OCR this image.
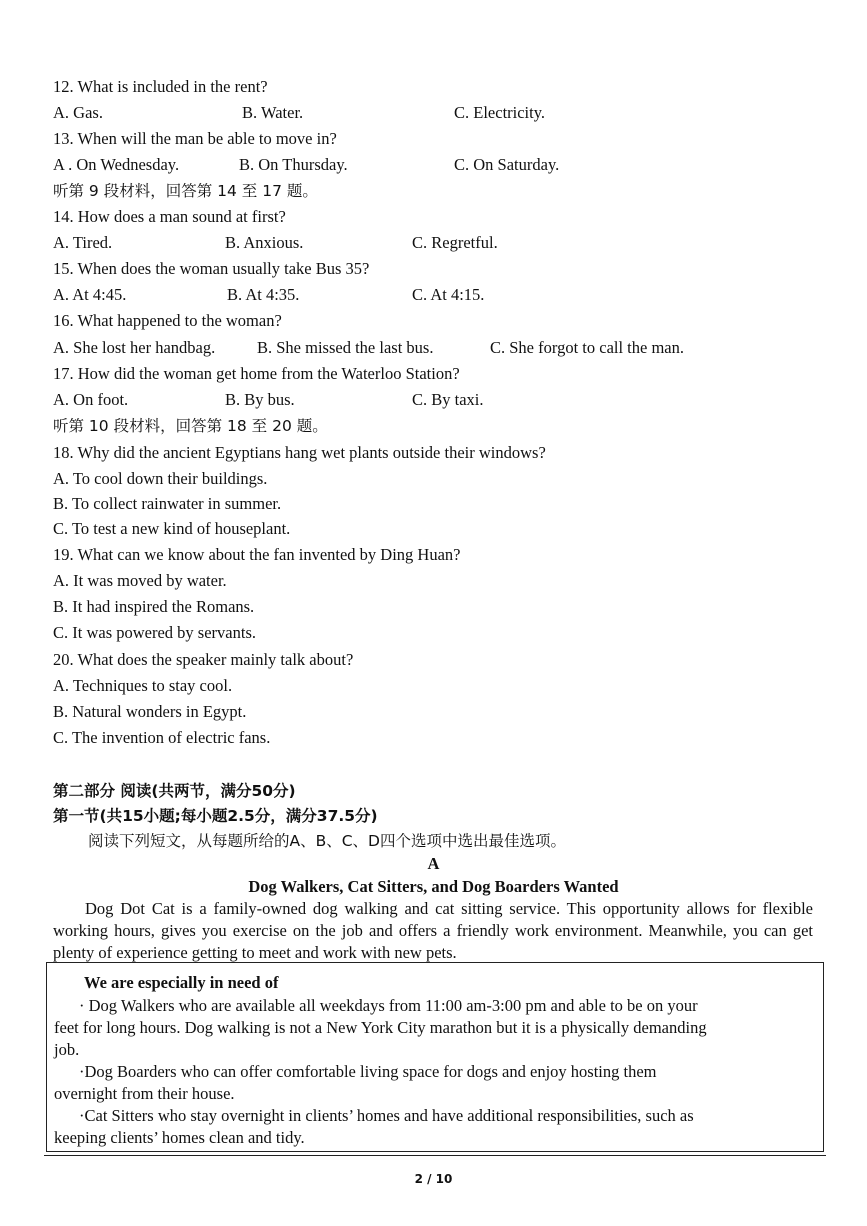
12. What is included in the rent?
A. Gas.	B. Water.	C. Electricity.
13. When will the man be able to move in?
A . On Wednesday.	B. On Thursday.	C. On Saturday.
听第 9 段材料，回答第 14 至 17 题。
14. How does a man sound at first?
A. Tired.	B. Anxious.	C. Regretful.
15. When does the woman usually take Bus 35?
A. At 4:45.	B. At 4:35.	C. At 4:15.
16. What happened to the woman?
A. She lost her handbag.	B. She missed the last bus.	C. She forgot to call the man.
17. How did the woman get home from the Waterloo Station?
A. On foot.	B. By bus.	C. By taxi.
听第 10 段材料，回答第 18 至 20 题。
18. Why did the ancient Egyptians hang wet plants outside their windows?
A. To cool down their buildings.
B. To collect rainwater in summer.
C. To test a new kind of houseplant.
19. What can we know about the fan invented by Ding Huan?
A. It was moved by water.
B. It had inspired the Romans.
C. It was powered by servants.
20. What does the speaker mainly talk about?
A. Techniques to stay cool.
B. Natural wonders in Egypt.
C. The invention of electric fans.
第二部分 阅读(共两节，满分50分)
第一节(共15小题;每小题2.5分，满分37.5分)
阅读下列短文，从每题所给的A、B、C、D四个选项中选出最佳选项。
A
Dog Walkers, Cat Sitters, and Dog Boarders Wanted
Dog Dot Cat is a family-owned dog walking and cat sitting service. This opportunity allows for flexible working hours, gives you exercise on the job and offers a friendly work environment. Meanwhile, you can get plenty of experience getting to meet and work with new pets.
We are especially in need of
· Dog Walkers who are available all weekdays from 11:00 am-3:00 pm and able to be on your
feet for long hours. Dog walking is not a New York City marathon but it is a physically demanding
job.
·Dog Boarders who can offer comfortable living space for dogs and enjoy hosting them
overnight from their house.
·Cat Sitters who stay overnight in clients’ homes and have additional responsibilities, such as
keeping clients’ homes clean and tidy.
2 / 10
